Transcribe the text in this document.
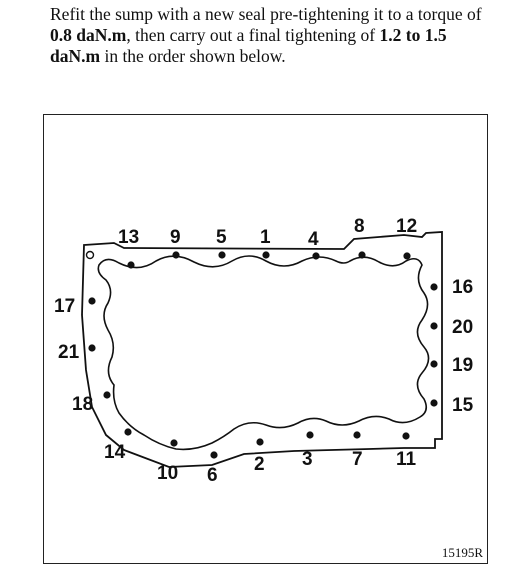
Refit the sump with a new seal pre-tightening it to a torque of 0.8 daN.m, then carry out a final tightening of 1.2 to 1.5 daN.m in the order shown below.

1
2 3
4
5
6
7
8
9
10
11
12
13
14
15
16
17
18
19
20
21
15195R
